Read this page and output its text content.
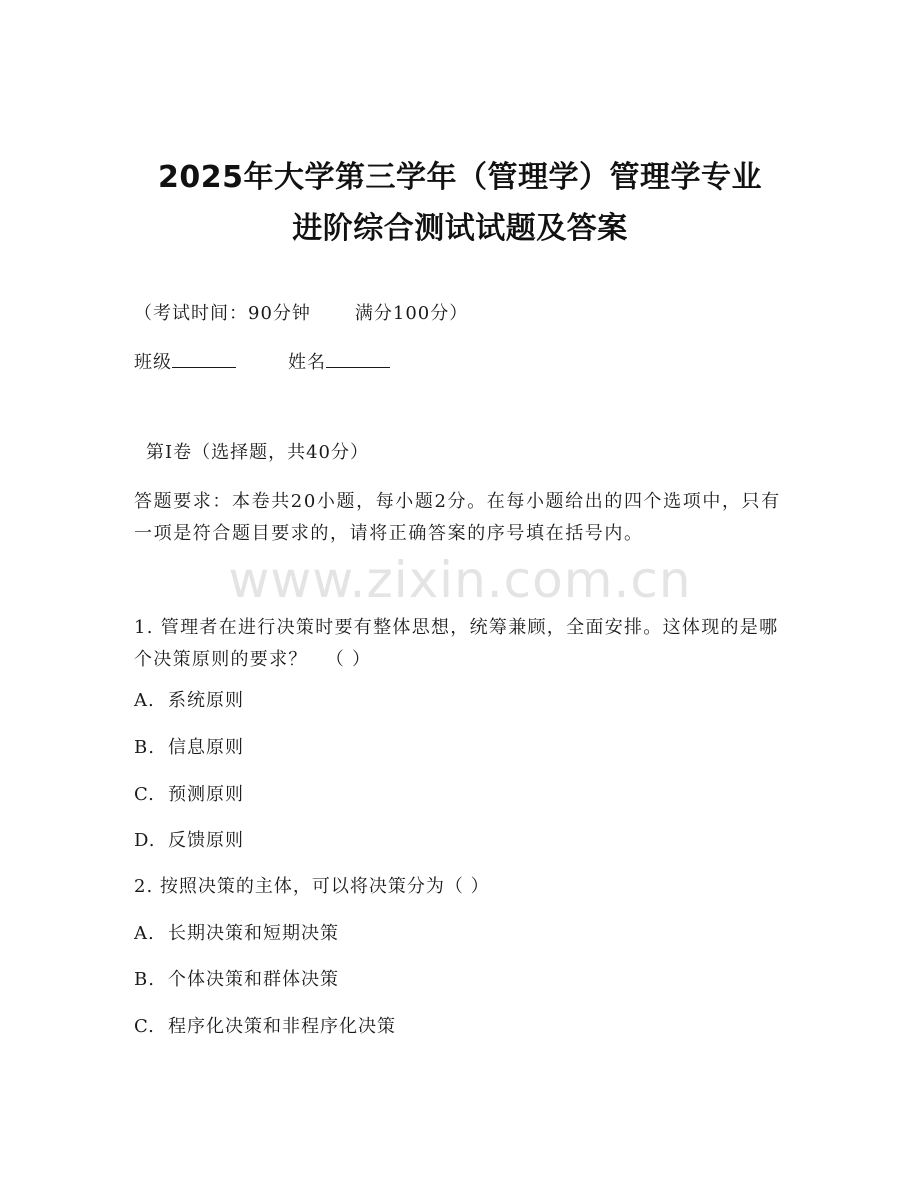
2025年大学第三学年（管理学）管理学专业
进阶综合测试试题及答案
（考试时间：90分钟 满分100分）
班级	姓名
第I卷（选择题，共40分）
答题要求：本卷共20小题，每小题2分。在每小题给出的四个选项中，只有一项是符合题目要求的，请将正确答案的序号填在括号内。
www.zixin.com.cn
1. 管理者在进行决策时要有整体思想，统筹兼顾，全面安排。这体现的是哪个决策原则的要求？ （ ）
A. 系统原则
B. 信息原则
C. 预测原则
D. 反馈原则
2. 按照决策的主体，可以将决策分为（ ）
A. 长期决策和短期决策
B. 个体决策和群体决策
C. 程序化决策和非程序化决策
